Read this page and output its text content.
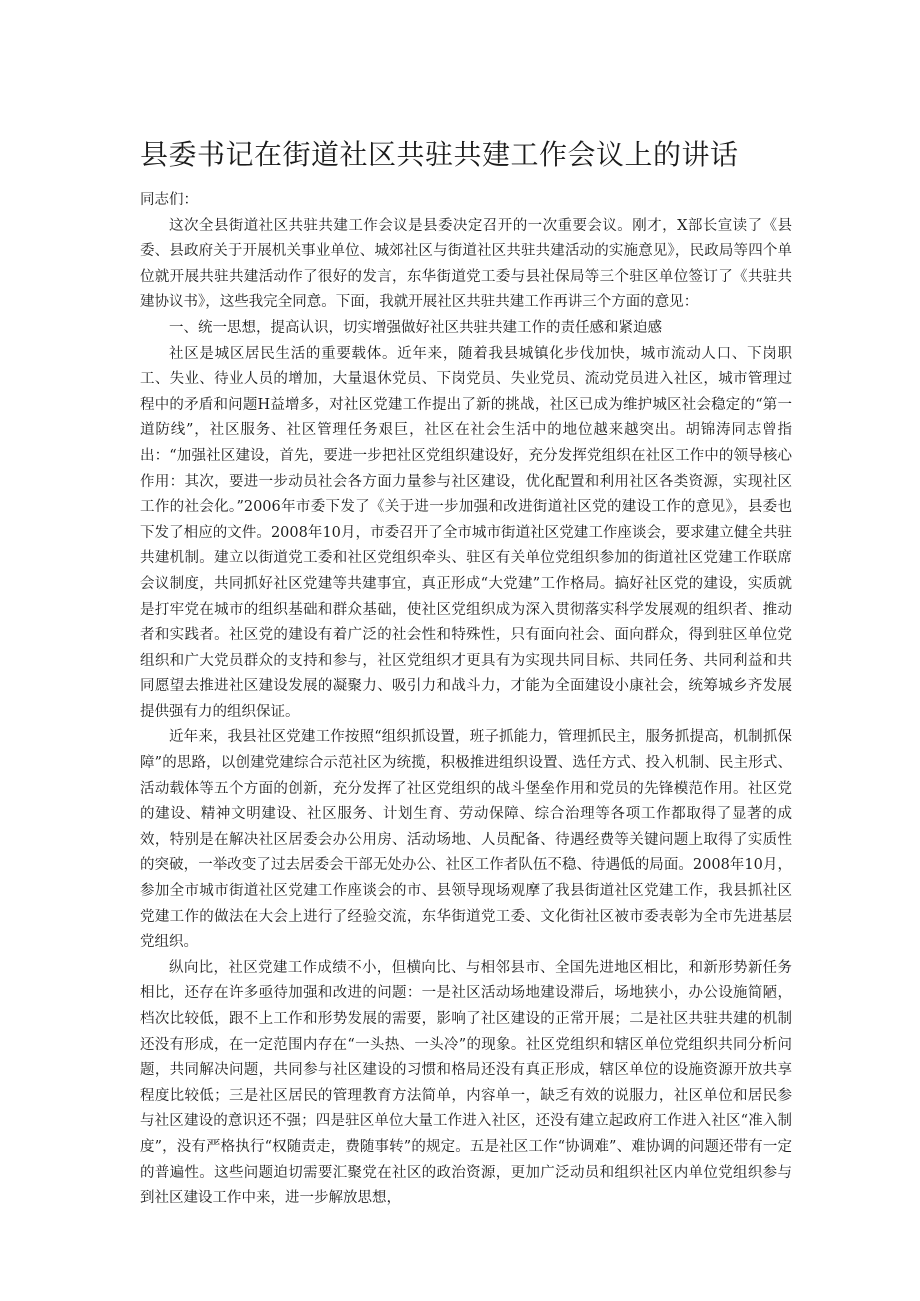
县委书记在街道社区共驻共建工作会议上的讲话

同志们：

这次全县街道社区共驻共建工作会议是县委决定召开的一次重要会议。刚才，X部长宣读了《县委、县政府关于开展机关事业单位、城郊社区与街道社区共驻共建活动的实施意见》，民政局等四个单位就开展共驻共建活动作了很好的发言，东华街道党工委与县社保局等三个驻区单位签订了《共驻共建协议书》，这些我完全同意。下面，我就开展社区共驻共建工作再讲三个方面的意见：

一、统一思想，提高认识，切实增强做好社区共驻共建工作的责任感和紧迫感

社区是城区居民生活的重要载体。近年来，随着我县城镇化步伐加快，城市流动人口、下岗职工、失业、待业人员的增加，大量退休党员、下岗党员、失业党员、流动党员进入社区，城市管理过程中的矛盾和问题H益增多，对社区党建工作提出了新的挑战，社区已成为维护城区社会稳定的“第一道防线”，社区服务、社区管理任务艰巨，社区在社会生活中的地位越来越突出。胡锦涛同志曾指出：“加强社区建设，首先，要进一步把社区党组织建设好，充分发挥党组织在社区工作中的领导核心作用：其次，要进一步动员社会各方面力量参与社区建设，优化配置和利用社区各类资源，实现社区工作的社会化。”2006年市委下发了《关于进一步加强和改进街道社区党的建设工作的意见》，县委也下发了相应的文件。2008年10月，市委召开了全市城市街道社区党建工作座谈会，要求建立健全共驻共建机制。建立以街道党工委和社区党组织牵头、驻区有关单位党组织参加的街道社区党建工作联席会议制度，共同抓好社区党建等共建事宜，真正形成“大党建”工作格局。搞好社区党的建设，实质就是打牢党在城市的组织基础和群众基础，使社区党组织成为深入贯彻落实科学发展观的组织者、推动者和实践者。社区党的建设有着广泛的社会性和特殊性，只有面向社会、面向群众，得到驻区单位党组织和广大党员群众的支持和参与，社区党组织才更具有为实现共同目标、共同任务、共同利益和共同愿望去推进社区建设发展的凝聚力、吸引力和战斗力，才能为全面建设小康社会，统筹城乡齐发展提供强有力的组织保证。

近年来，我县社区党建工作按照“组织抓设置，班子抓能力，管理抓民主，服务抓提高，机制抓保障”的思路，以创建党建综合示范社区为统揽，积极推进组织设置、选任方式、投入机制、民主形式、活动载体等五个方面的创新，充分发挥了社区党组织的战斗堡垒作用和党员的先锋模范作用。社区党的建设、精神文明建设、社区服务、计划生育、劳动保障、综合治理等各项工作都取得了显著的成效，特别是在解决社区居委会办公用房、活动场地、人员配备、待遇经费等关键问题上取得了实质性的突破，一举改变了过去居委会干部无处办公、社区工作者队伍不稳、待遇低的局面。2008年10月，参加全市城市街道社区党建工作座谈会的市、县领导现场观摩了我县街道社区党建工作，我县抓社区党建工作的做法在大会上进行了经验交流，东华街道党工委、文化街社区被市委表彰为全市先进基层党组织。

纵向比，社区党建工作成绩不小，但横向比、与相邻县市、全国先进地区相比，和新形势新任务相比，还存在许多亟待加强和改进的问题：一是社区活动场地建设滞后，场地狭小，办公设施简陋，档次比较低，跟不上工作和形势发展的需要，影响了社区建设的正常开展；二是社区共驻共建的机制还没有形成，在一定范围内存在“一头热、一头冷”的现象。社区党组织和辖区单位党组织共同分析问题，共同解决问题，共同参与社区建设的习惯和格局还没有真正形成，辖区单位的设施资源开放共享程度比较低；三是社区居民的管理教育方法简单，内容单一，缺乏有效的说服力，社区单位和居民参与社区建设的意识还不强；四是驻区单位大量工作进入社区，还没有建立起政府工作进入社区“准入制度”，没有严格执行“权随责走，费随事转”的规定。五是社区工作“协调难”、难协调的问题还带有一定的普遍性。这些问题迫切需要汇聚党在社区的政治资源，更加广泛动员和组织社区内单位党组织参与到社区建设工作中来，进一步解放思想，
